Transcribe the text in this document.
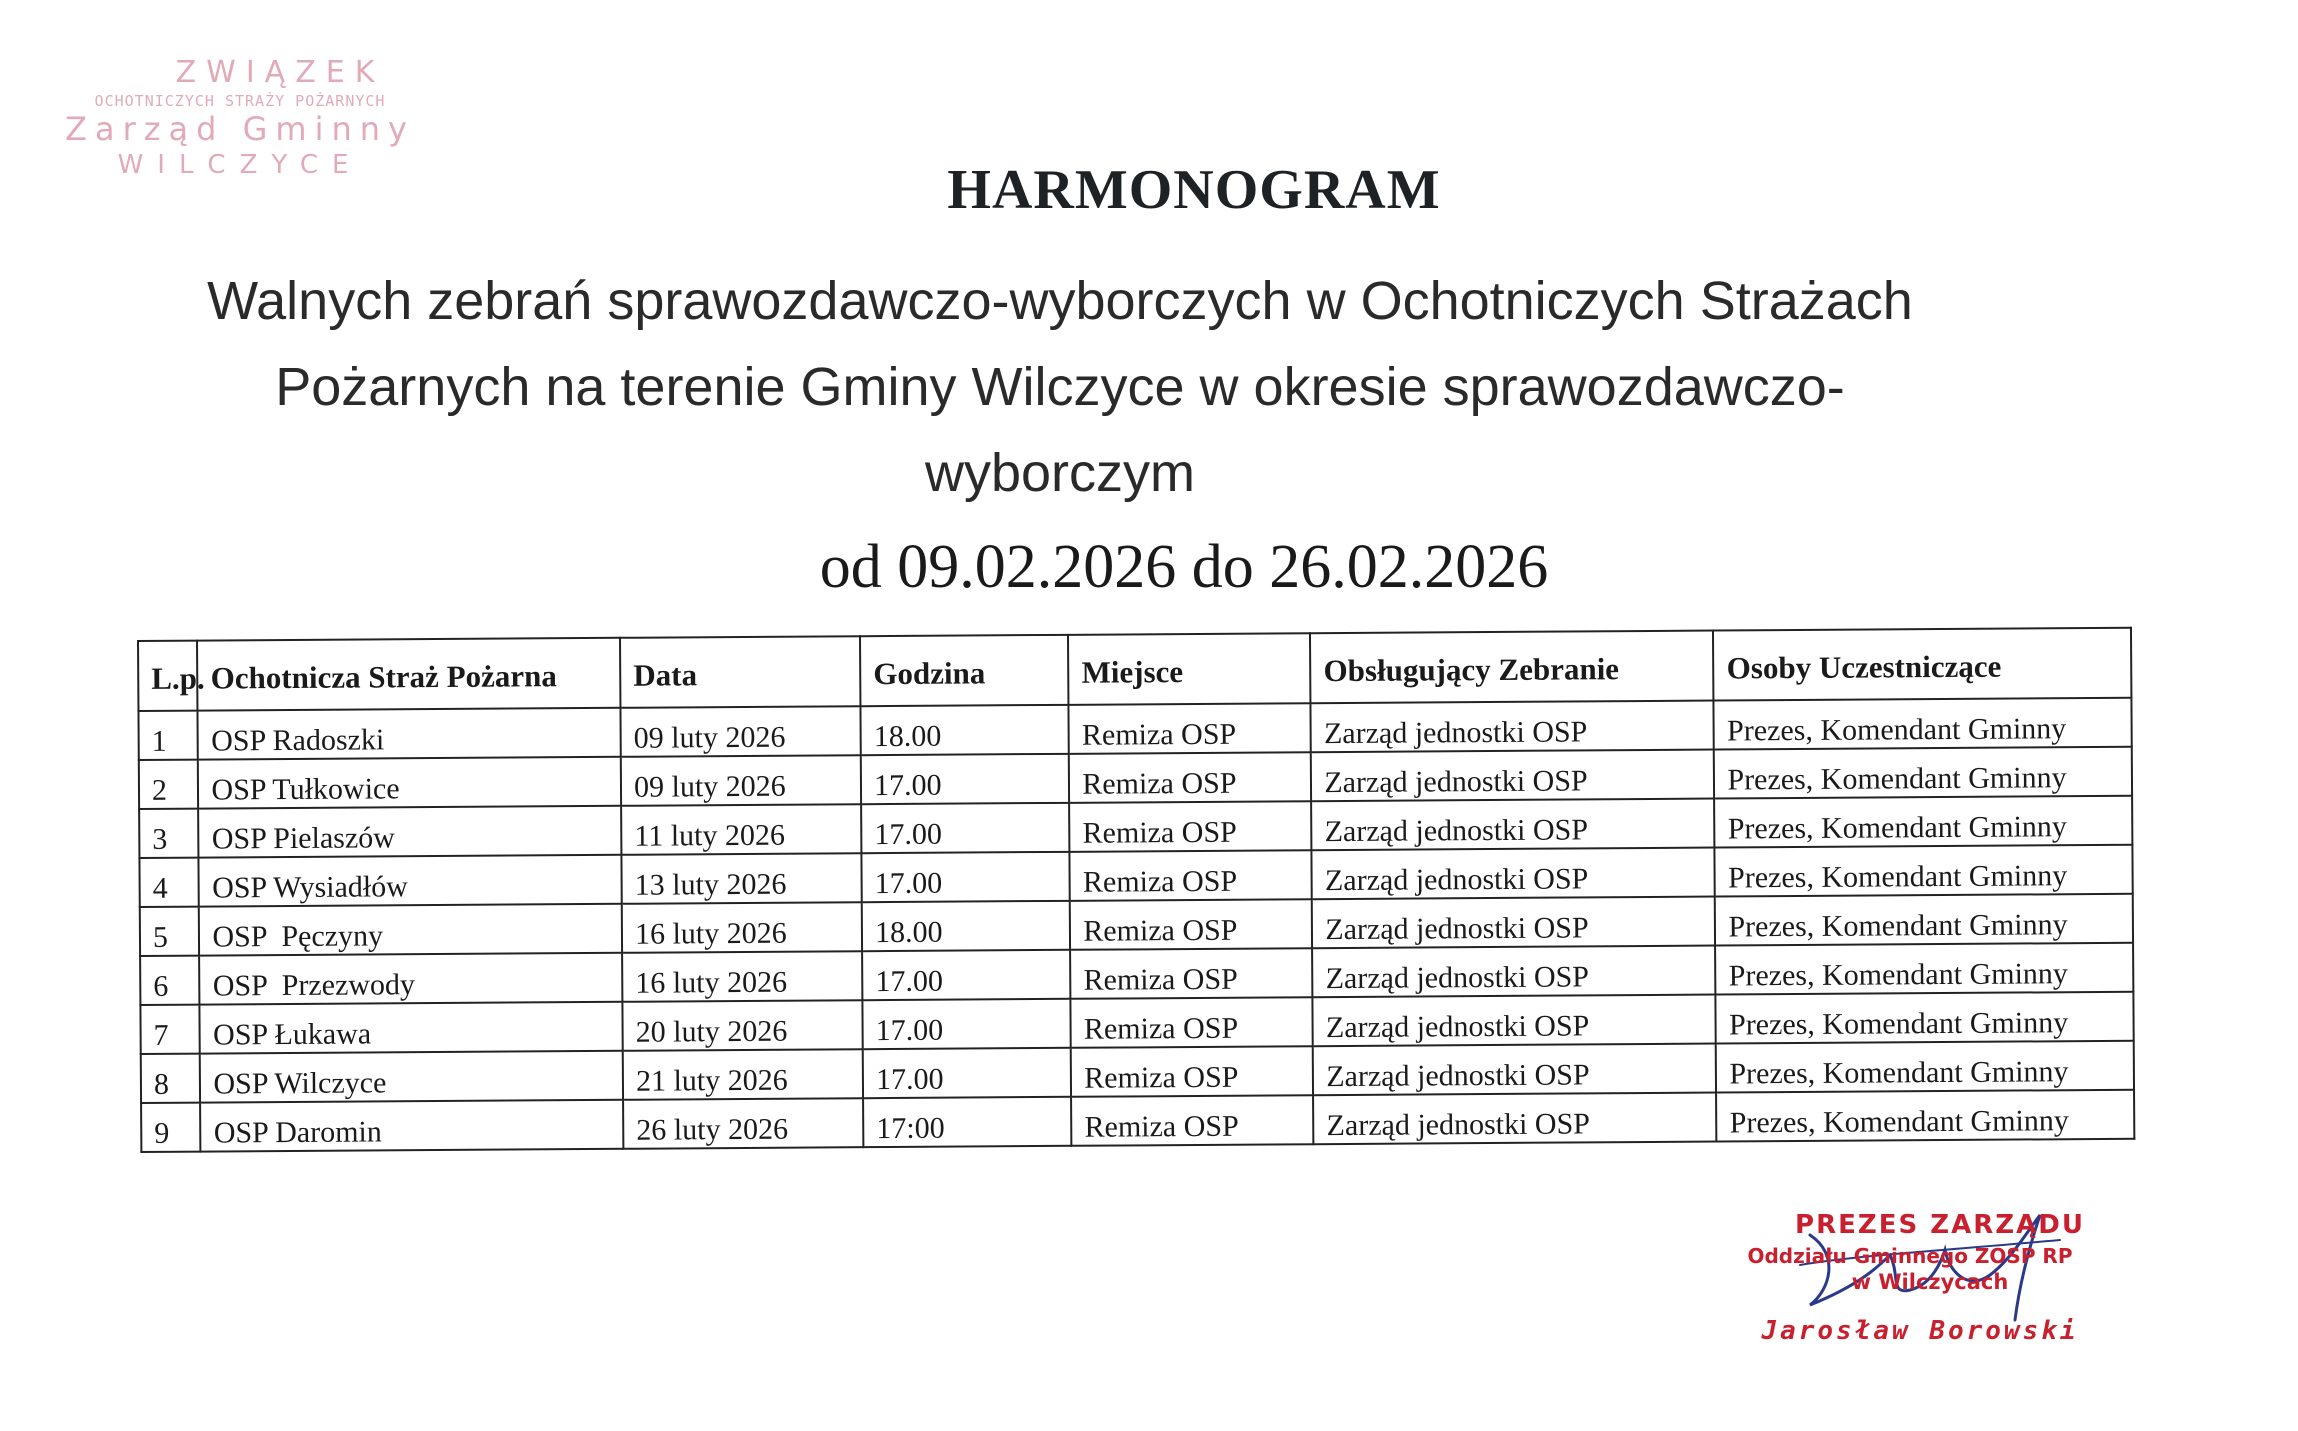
ZWIĄZEK
OCHOTNICZYCH STRAŻY POŻARNYCH
Zarząd Gminny
WILCZYCE	HARMONOGRAM
Walnych zebrań sprawozdawczo-wyborczych w Ochotniczych Strażach
Pożarnych na terenie Gminy Wilczyce w okresie sprawozdawczo-
wyborczym
od 09.02.2026 do 26.02.2026
L.p.	Ochotnicza Straż Pożarna	Data	Godzina	Miejsce	Obsługujący Zebranie	Osoby Uczestniczące
1	OSP Radoszki	09 luty 2026	18.00	Remiza OSP	Zarząd jednostki OSP	Prezes, Komendant Gminny
2	OSP Tułkowice	09 luty 2026	17.00	Remiza OSP	Zarząd jednostki OSP	Prezes, Komendant Gminny
3	OSP Pielaszów	11 luty 2026	17.00	Remiza OSP	Zarząd jednostki OSP	Prezes, Komendant Gminny
4	OSP Wysiadłów	13 luty 2026	17.00	Remiza OSP	Zarząd jednostki OSP	Prezes, Komendant Gminny
5	OSP  Pęczyny	16 luty 2026	18.00	Remiza OSP	Zarząd jednostki OSP	Prezes, Komendant Gminny
6	OSP  Przezwody	16 luty 2026	17.00	Remiza OSP	Zarząd jednostki OSP	Prezes, Komendant Gminny
7	OSP Łukawa	20 luty 2026	17.00	Remiza OSP	Zarząd jednostki OSP	Prezes, Komendant Gminny
8	OSP Wilczyce	21 luty 2026	17.00	Remiza OSP	Zarząd jednostki OSP	Prezes, Komendant Gminny
9	OSP Daromin	26 luty 2026	17:00	Remiza OSP	Zarząd jednostki OSP	Prezes, Komendant Gminny
PREZES ZARZĄDU
Oddziału Gminnego ZOSP RP
w Wilczycach
Jarosław Borowski
